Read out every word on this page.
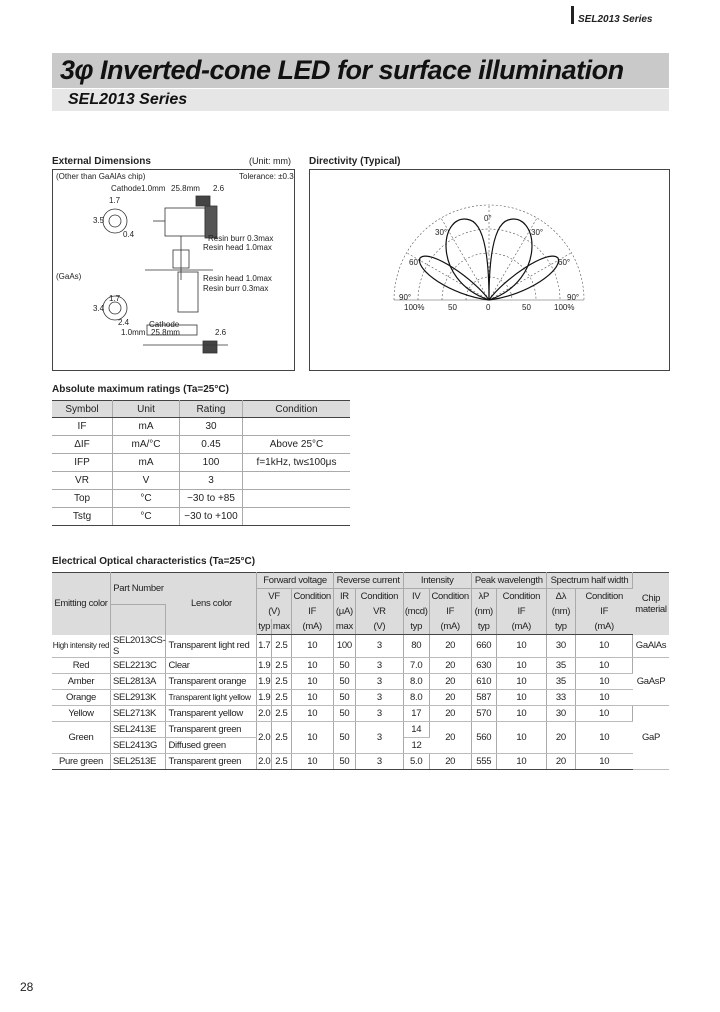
SEL2013 Series
3φ Inverted-cone LED for surface illumination
SEL2013 Series
External Dimensions	(Unit: mm)
(Other than GaAlAs chip)	Tolerance: ±0.3
Cathode 1.0mm 25.8mm 2.6
1.7
3.5
0.4	Resin burr 0.3max
Resin head 1.0max
(GaAs)	Resin head 1.0max
Resin burr 0.3max
1.7
3.4
2.4 Cathode
1.0mm 25.8mm	2.6
Directivity (Typical)
0°
30°	30°
60°	60°
90°	90°
100%	50	0	50	100%
Absolute maximum ratings (Ta=25°C)
Symbol	Unit	Rating	Condition
IF	mA	30	
ΔIF	mA/°C	0.45	Above 25°C
IFP	mA	100	f=1kHz, tw≤100μs
VR	V	3	
Top	°C	−30 to +85	
Tstg	°C	−30 to +100	
Electrical Optical characteristics (Ta=25°C)
Emitting color	Part Number	Lens color	Forward voltage			Reverse current		Intensity		Peak wavelength		Spectrum half width		Chip material
			VF		Condition	IR	Condition	IV	Condition	λP	Condition	Δλ	Condition	
			(V)		IF	(μA)	VR	(mcd)	IF	(nm)	IF	(nm)	IF	
			typ	max	(mA)	max	(V)	typ	(mA)	typ	(mA)	typ	(mA)	
High intensity red	SEL2013CS-S	Transparent light red	1.7	2.5	10	100	3	80	20	660	10	30	10	GaAlAs
Red	SEL2213C	Clear	1.9	2.5	10	50	3	7.0	20	630	10	35	10	GaAsP
Amber	SEL2813A	Transparent orange	1.9	2.5	10	50	3	8.0	20	610	10	35	10	
Orange	SEL2913K	Transparent light yellow	1.9	2.5	10	50	3	8.0	20	587	10	33	10	
Yellow	SEL2713K	Transparent yellow	2.0	2.5	10	50	3	17	20	570	10	30	10	GaP
Green	SEL2413E	Transparent green	2.0	2.5	10	50	3	14	20	560	10	20	10	
	SEL2413G	Diffused green						12						
Pure green	SEL2513E	Transparent green	2.0	2.5	10	50	3	5.0	20	555	10	20	10	
28
